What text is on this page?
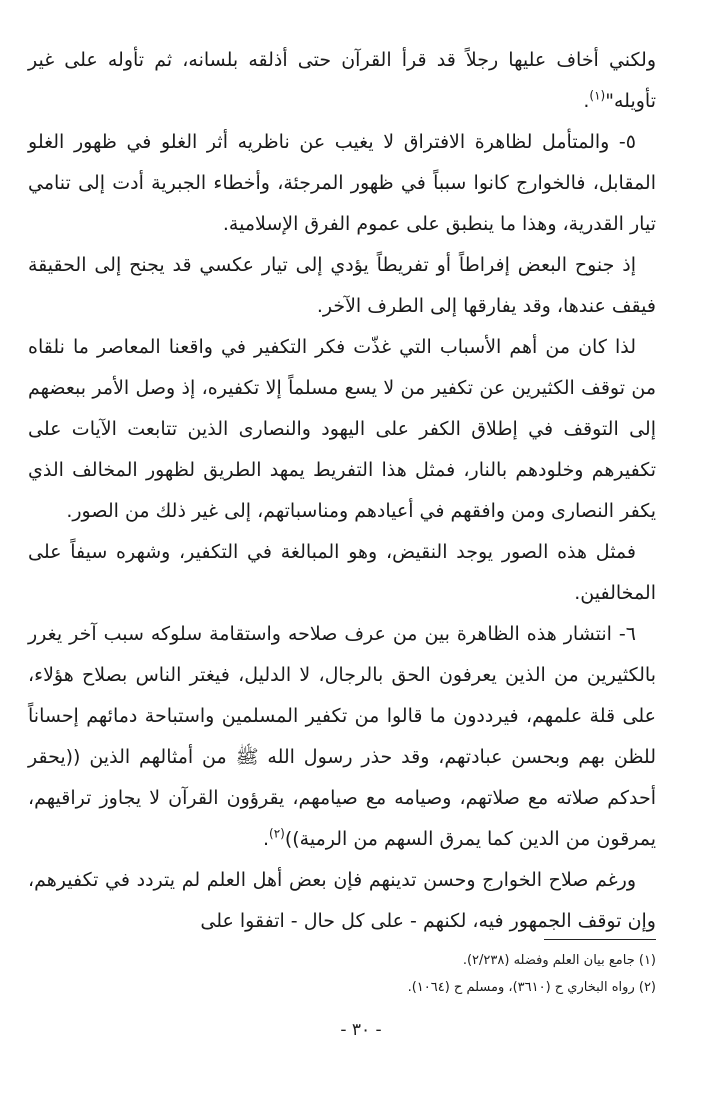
ولكني أخاف عليها رجلاً قد قرأ القرآن حتى أذلقه بلسانه، ثم تأوله على غير تأويله"$^{(١)}$.

٥- والمتأمل لظاهرة الافتراق لا يغيب عن ناظريه أثر الغلو في ظهور الغلو المقابل، فالخوارج كانوا سبباً في ظهور المرجئة، وأخطاء الجبرية أدت إلى تنامي تيار القدرية، وهذا ما ينطبق على عموم الفرق الإسلامية.

إذ جنوح البعض إفراطاً أو تفريطاً يؤدي إلى تيار عكسي قد يجنح إلى الحقيقة فيقف عندها، وقد يفارقها إلى الطرف الآخر.

لذا كان من أهم الأسباب التي غذّت فكر التكفير في واقعنا المعاصر ما نلقاه من توقف الكثيرين عن تكفير من لا يسع مسلماً إلا تكفيره، إذ وصل الأمر ببعضهم إلى التوقف في إطلاق الكفر على اليهود والنصارى الذين تتابعت الآيات على تكفيرهم وخلودهم بالنار، فمثل هذا التفريط يمهد الطريق لظهور المخالف الذي يكفر النصارى ومن وافقهم في أعيادهم ومناسباتهم، إلى غير ذلك من الصور.

فمثل هذه الصور يوجد النقيض، وهو المبالغة في التكفير، وشهره سيفاً على المخالفين.

٦- انتشار هذه الظاهرة بين من عرف صلاحه واستقامة سلوكه سبب آخر يغرر بالكثيرين من الذين يعرفون الحق بالرجال، لا الدليل، فيغتر الناس بصلاح هؤلاء، على قلة علمهم، فيرددون ما قالوا من تكفير المسلمين واستباحة دمائهم إحساناً للظن بهم وبحسن عبادتهم، وقد حذر رسول الله ﷺ من أمثالهم الذين ((يحقر أحدكم صلاته مع صلاتهم، وصيامه مع صيامهم، يقرؤون القرآن لا يجاوز تراقيهم، يمرقون من الدين كما يمرق السهم من الرمية))$^{(٢)}$.

ورغم صلاح الخوارج وحسن تدينهم فإن بعض أهل العلم لم يتردد في تكفيرهم، وإن توقف الجمهور فيه، لكنهم - على كل حال - اتفقوا على

(١) جامع بيان العلم وفضله (٢/٢٣٨).

(٢) رواه البخاري ح (٣٦١٠)، ومسلم ح (١٠٦٤).

- ٣٠ -
